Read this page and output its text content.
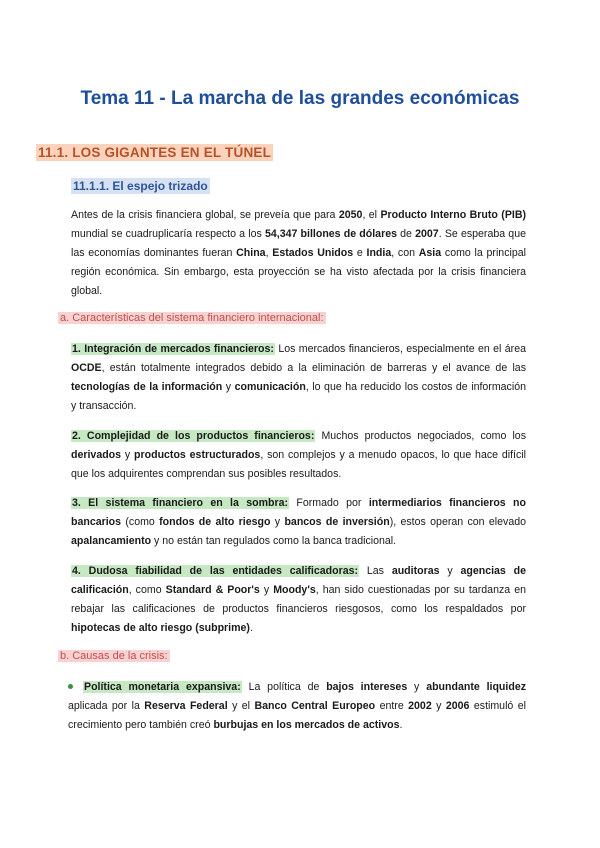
Tema 11 - La marcha de las grandes económicas
11.1. LOS GIGANTES EN EL TÚNEL
11.1.1. El espejo trizado
Antes de la crisis financiera global, se preveía que para 2050, el Producto Interno Bruto (PIB) mundial se cuadruplicaría respecto a los 54,347 billones de dólares de 2007. Se esperaba que las economías dominantes fueran China, Estados Unidos e India, con Asia como la principal región económica. Sin embargo, esta proyección se ha visto afectada por la crisis financiera global.
a. Características del sistema financiero internacional:
1. Integración de mercados financieros: Los mercados financieros, especialmente en el área OCDE, están totalmente integrados debido a la eliminación de barreras y el avance de las tecnologías de la información y comunicación, lo que ha reducido los costos de información y transacción.
2. Complejidad de los productos financieros: Muchos productos negociados, como los derivados y productos estructurados, son complejos y a menudo opacos, lo que hace difícil que los adquirentes comprendan sus posibles resultados.
3. El sistema financiero en la sombra: Formado por intermediarios financieros no bancarios (como fondos de alto riesgo y bancos de inversión), estos operan con elevado apalancamiento y no están tan regulados como la banca tradicional.
4. Dudosa fiabilidad de las entidades calificadoras: Las auditoras y agencias de calificación, como Standard & Poor's y Moody's, han sido cuestionadas por su tardanza en rebajar las calificaciones de productos financieros riesgosos, como los respaldados por hipotecas de alto riesgo (subprime).
b. Causas de la crisis:
Política monetaria expansiva: La política de bajos intereses y abundante liquidez aplicada por la Reserva Federal y el Banco Central Europeo entre 2002 y 2006 estimuló el crecimiento pero también creó burbujas en los mercados de activos.
